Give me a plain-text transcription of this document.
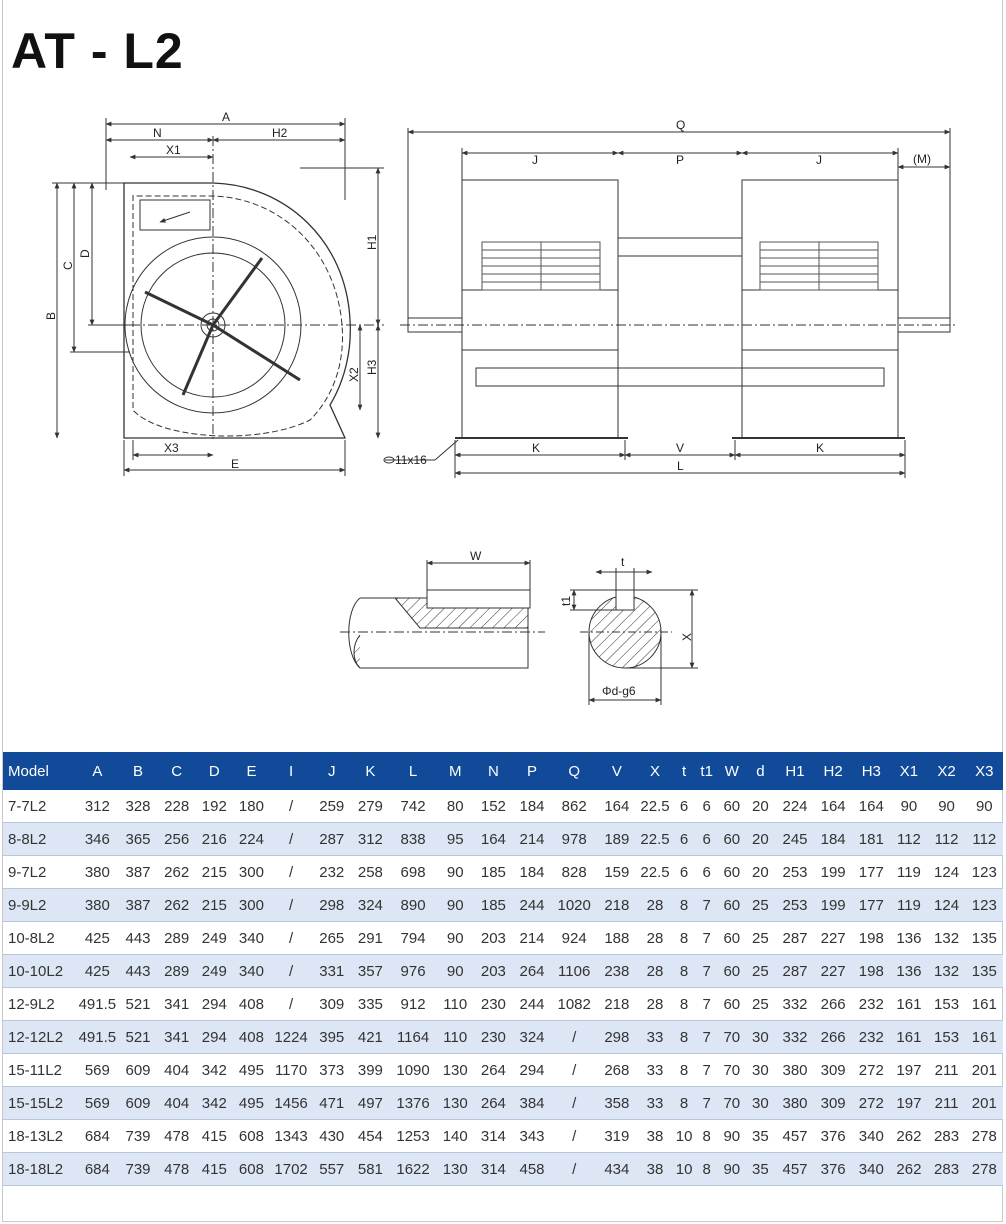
AT - L2
A
N	H2
X1
C
D
B
H1
X2 H3
X3
E
Q
J	P	J	(M)
K	V	K
L
11x16
W	t
t1
X
Φd-g6
Model	A	B	C	D	E	I	J	K	L	M	N	P	Q	V	X	t	t1	W	d	H1	H2	H3	X1	X2	X3
7-7L2	312	328	228	192	180	/	259	279	742	80	152	184	862	164	22.5	6	6	60	20	224	164	164	90	90	90
8-8L2	346	365	256	216	224	/	287	312	838	95	164	214	978	189	22.5	6	6	60	20	245	184	181	112	112	112
9-7L2	380	387	262	215	300	/	232	258	698	90	185	184	828	159	22.5	6	6	60	20	253	199	177	119	124	123
9-9L2	380	387	262	215	300	/	298	324	890	90	185	244	1020	218	28	8	7	60	25	253	199	177	119	124	123
10-8L2	425	443	289	249	340	/	265	291	794	90	203	214	924	188	28	8	7	60	25	287	227	198	136	132	135
10-10L2	425	443	289	249	340	/	331	357	976	90	203	264	1106	238	28	8	7	60	25	287	227	198	136	132	135
12-9L2	491.5	521	341	294	408	/	309	335	912	110	230	244	1082	218	28	8	7	60	25	332	266	232	161	153	161
12-12L2	491.5	521	341	294	408	1224	395	421	1164	110	230	324	/	298	33	8	7	70	30	332	266	232	161	153	161
15-11L2	569	609	404	342	495	1170	373	399	1090	130	264	294	/	268	33	8	7	70	30	380	309	272	197	211	201
15-15L2	569	609	404	342	495	1456	471	497	1376	130	264	384	/	358	33	8	7	70	30	380	309	272	197	211	201
18-13L2	684	739	478	415	608	1343	430	454	1253	140	314	343	/	319	38	10	8	90	35	457	376	340	262	283	278
18-18L2	684	739	478	415	608	1702	557	581	1622	130	314	458	/	434	38	10	8	90	35	457	376	340	262	283	278
